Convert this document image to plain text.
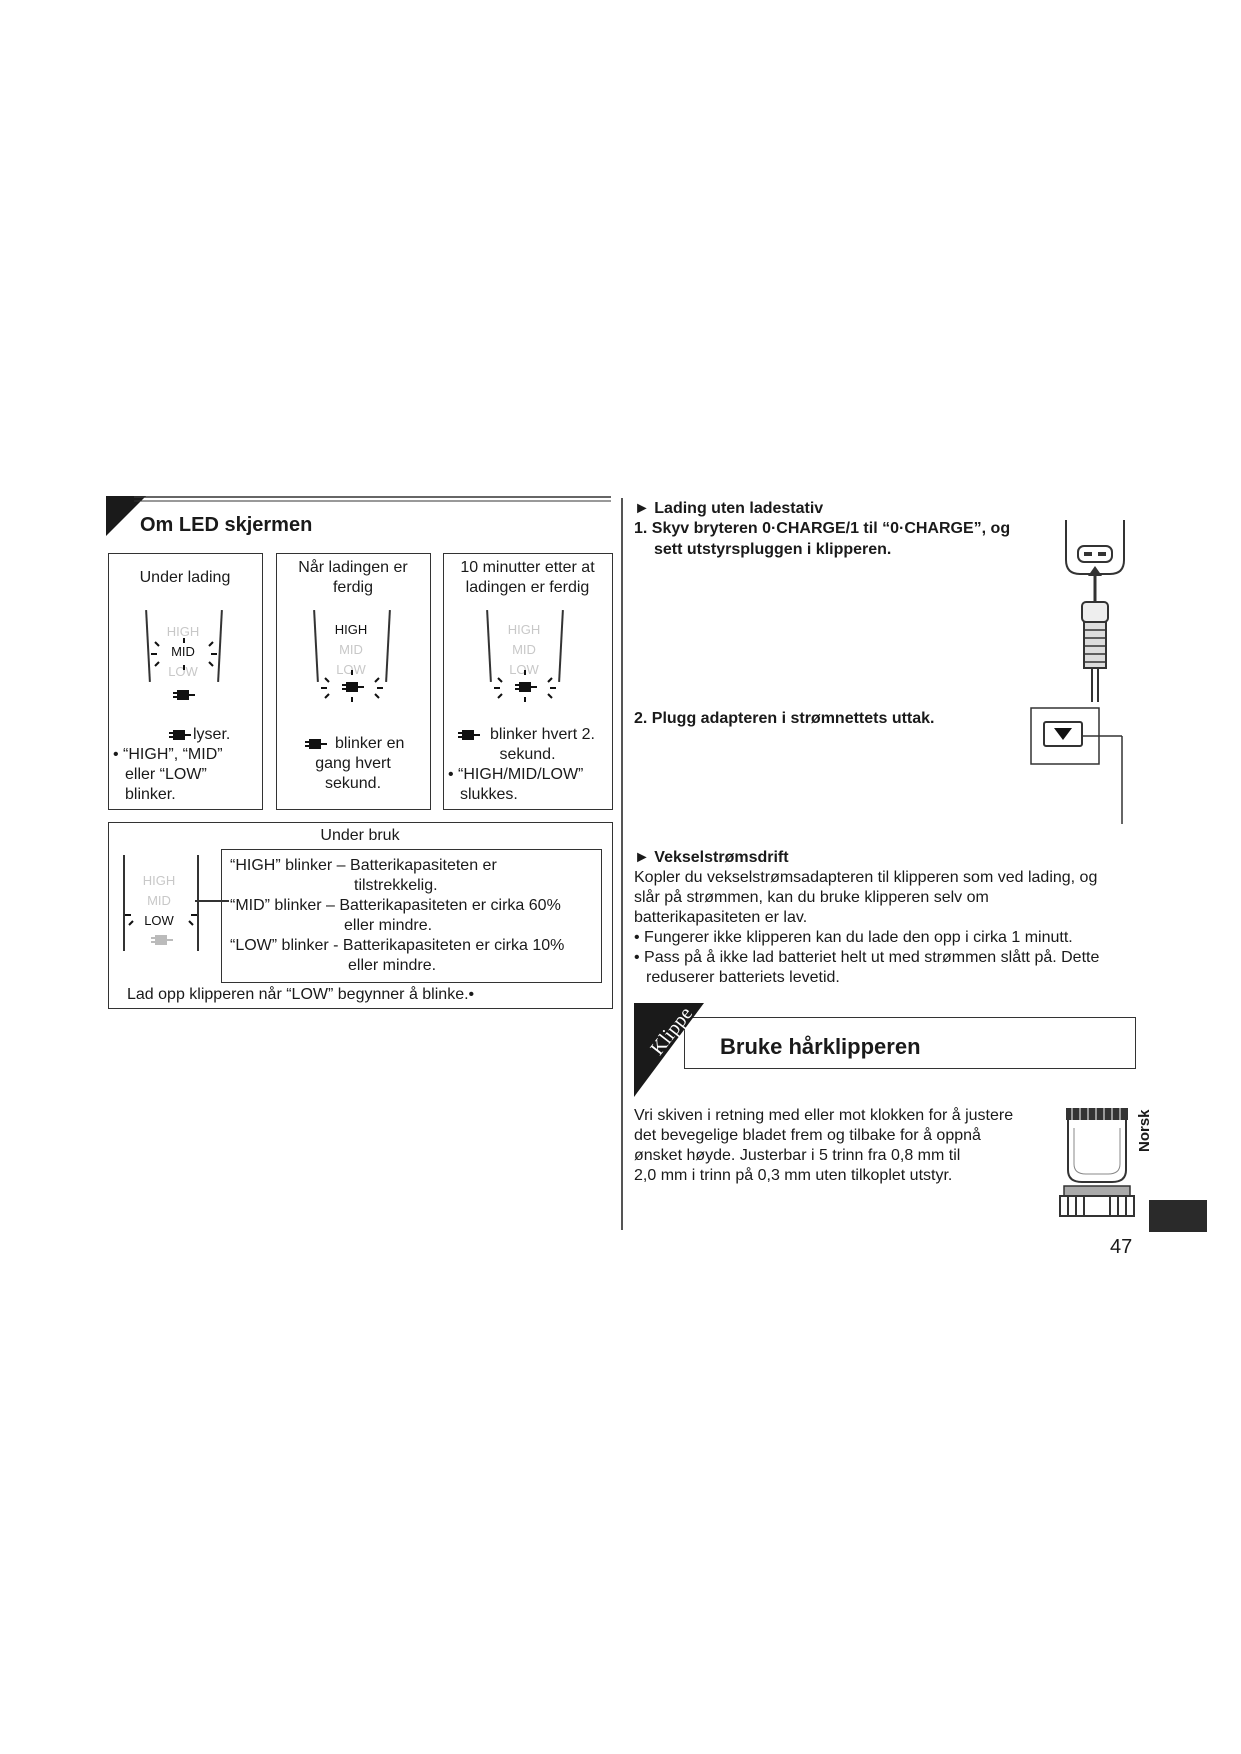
Om LED skjermen
Under lading
HIGH
MID
LOW
lyser.
• “HIGH”, “MID”
eller “LOW”
blinker.
Når ladingen er
ferdig
HIGH
MID
LOW
blinker en
gang hvert
sekund.
10 minutter etter at
ladingen er ferdig
HIGH
MID
LOW
blinker hvert 2.
sekund.
• “HIGH/MID/LOW”
slukkes.
Under bruk
HIGH
MID
LOW
“HIGH” blinker – Batterikapasiteten er
tilstrekkelig.
“MID” blinker – Batterikapasiteten er cirka 60%
eller mindre.
“LOW” blinker - Batterikapasiteten er cirka 10%
eller mindre.
Lad opp klipperen når “LOW” begynner å blinke.•
► Lading uten ladestativ
1. Skyv bryteren 0·CHARGE/1 til “0·CHARGE”, og
sett utstyrspluggen i klipperen.
2. Plugg adapteren i strømnettets uttak.
► Vekselstrømsdrift
Kopler du vekselstrømsadapteren til klipperen som ved lading, og
slår på strømmen, kan du bruke klipperen selv om
batterikapasiteten er lav.
• Fungerer ikke klipperen kan du lade den opp i cirka 1 minutt.
• Pass på å ikke lad batteriet helt ut med strømmen slått på. Dette
reduserer batteriets levetid.
Klippe	Bruke hårklipperen
Vri skiven i retning med eller mot klokken for å justere
det bevegelige bladet frem og tilbake for å oppnå
ønsket høyde. Justerbar i 5 trinn fra 0,8 mm til
2,0 mm i trinn på 0,3 mm uten tilkoplet utstyr.
Norsk
47
